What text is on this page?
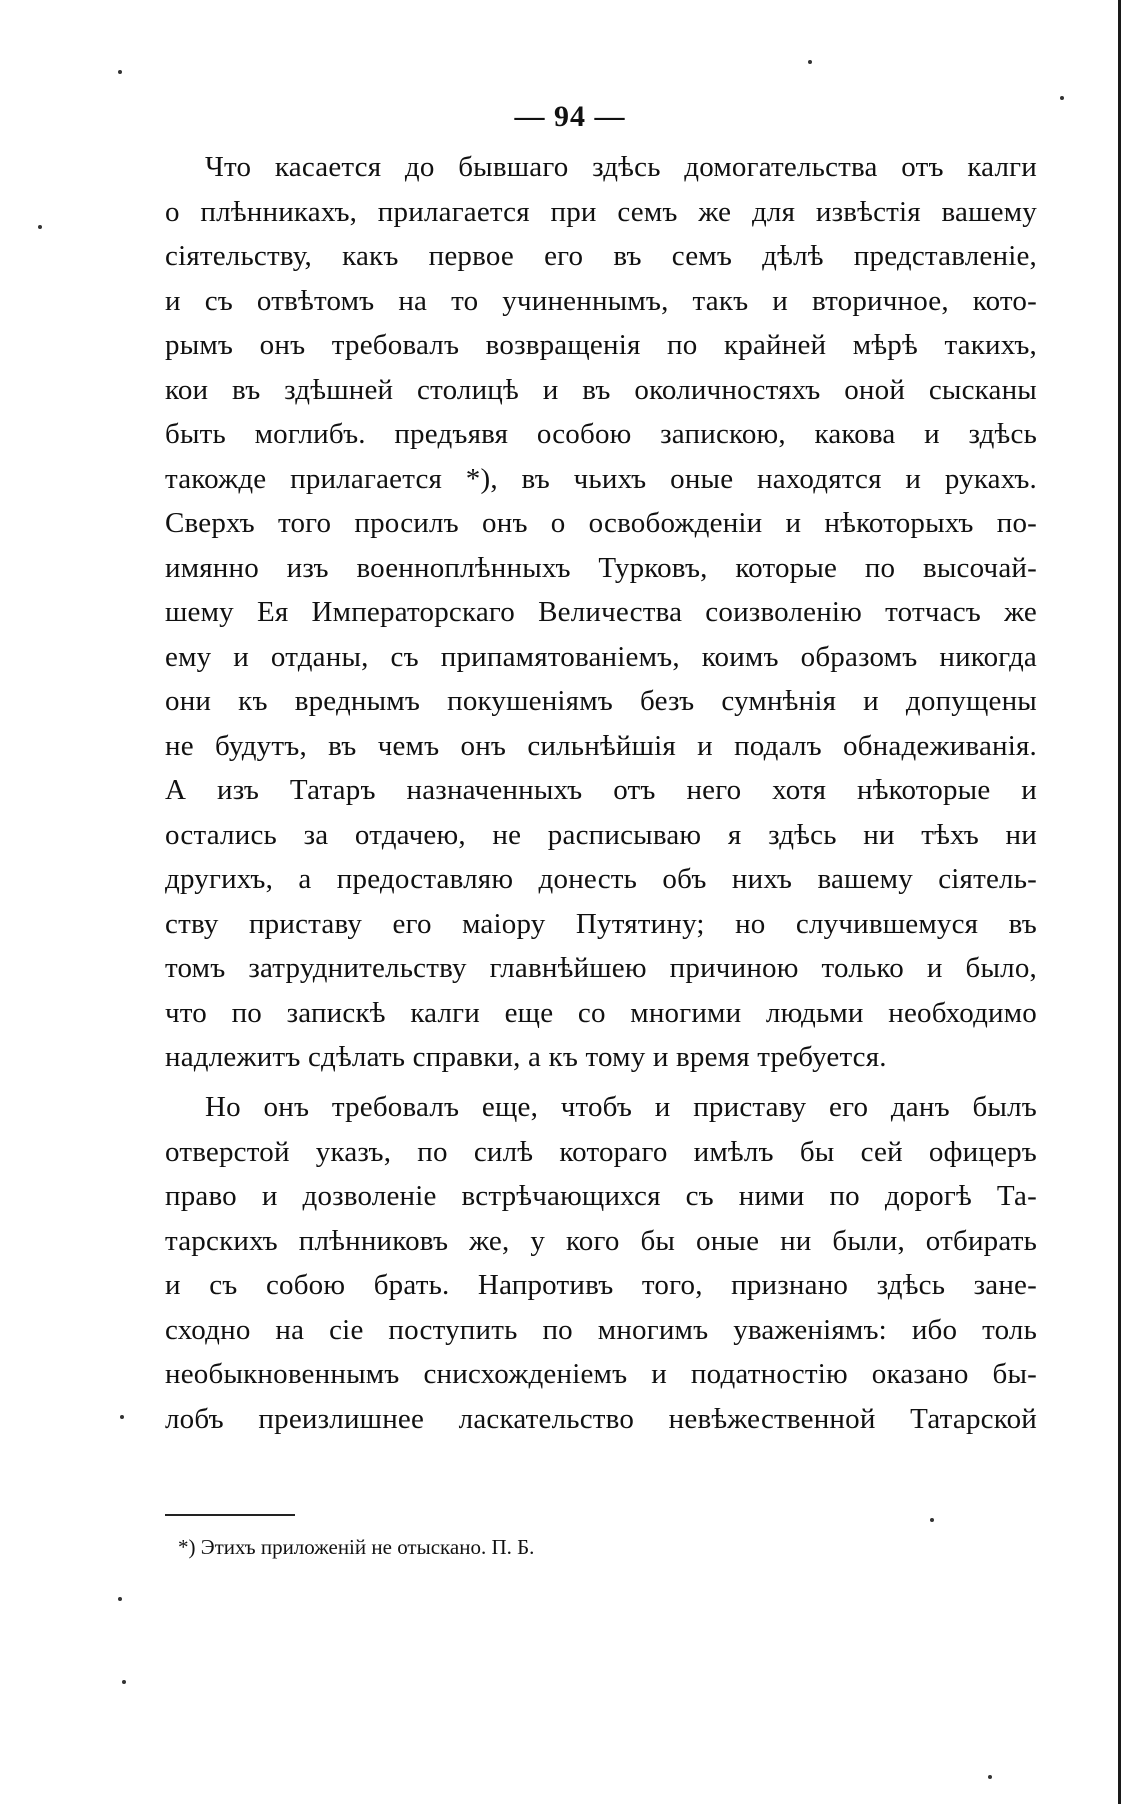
— 94 —
Что касается до бывшаго здѣсь домогательства отъ калги
о плѣнникахъ, прилагается при семъ же для извѣстія вашему
сіятельству, какъ первое его въ семъ дѣлѣ представленіе,
и съ отвѣтомъ на то учиненнымъ, такъ и вторичное, кото-
рымъ онъ требовалъ возвращенія по крайней мѣрѣ такихъ,
кои въ здѣшней столицѣ и въ околичностяхъ оной сысканы
быть моглибъ. предъявя особою запискою, какова и здѣсь
такожде прилагается *), въ чьихъ оные находятся и рукахъ.
Сверхъ того просилъ онъ о освобожденіи и нѣкоторыхъ по-
имянно изъ военноплѣнныхъ Турковъ, которые по высочай-
шему Ея Императорскаго Величества соизволенію тотчасъ же
ему и отданы, съ припамятованіемъ, коимъ образомъ никогда
они къ вреднымъ покушеніямъ безъ сумнѣнія и допущены
не будутъ, въ чемъ онъ сильнѣйшія и подалъ обнадеживанія.
А изъ Татаръ назначенныхъ отъ него хотя нѣкоторые и
остались за отдачею, не расписываю я здѣсь ни тѣхъ ни
другихъ, а предоставляю донесть объ нихъ вашему сіятель-
ству приставу его маіору Путятину; но случившемуся въ
томъ затруднительству главнѣйшею причиною только и было,
что по запискѣ калги еще со многими людьми необходимо
надлежитъ сдѣлать справки, а къ тому и время требуется.
Но онъ требовалъ еще, чтобъ и приставу его данъ былъ
отверстой указъ, по силѣ котораго имѣлъ бы сей офицеръ
право и дозволеніе встрѣчающихся съ ними по дорогѣ Та-
тарскихъ плѣнниковъ же, у кого бы оные ни были, отбирать
и съ собою брать. Напротивъ того, признано здѣсь зане-
сходно на сіе поступить по многимъ уваженіямъ: ибо толь
необыкновеннымъ снисхожденіемъ и податностію оказано бы-
лобъ преизлишнее ласкательство невѣжественной Татарской
*) Этихъ приложеній не отыскано. П. Б.
